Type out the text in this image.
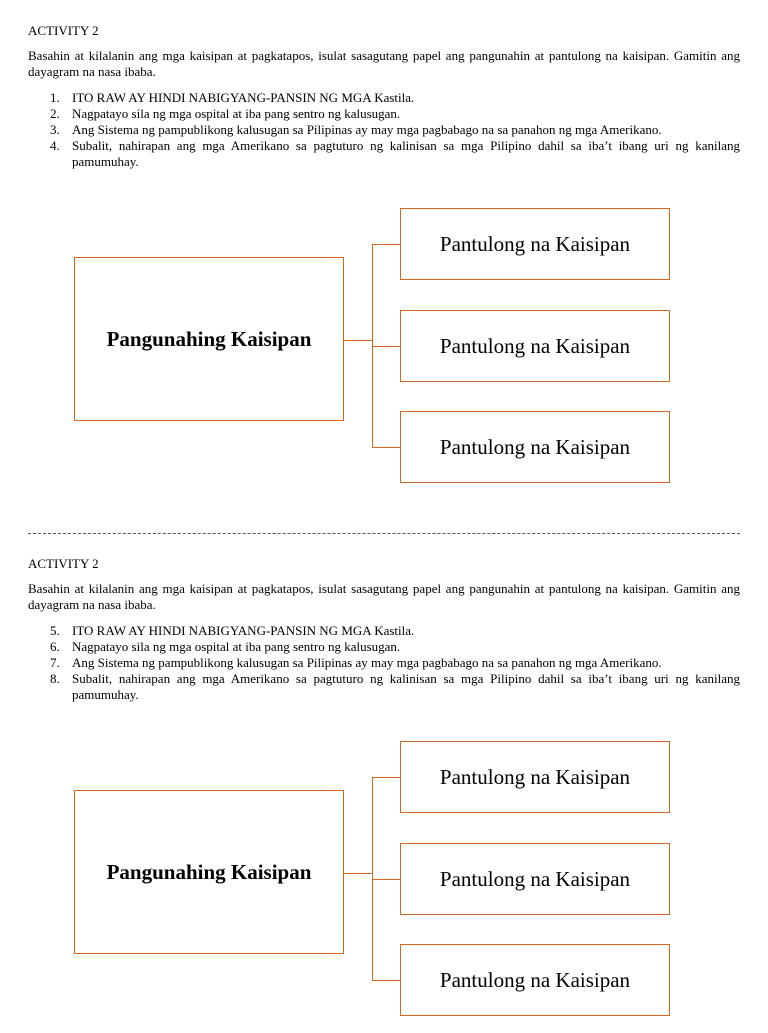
ACTIVITY 2

Basahin at kilalanin ang mga kaisipan at pagkatapos, isulat sasagutang papel ang pangunahin at pantulong na kaisipan. Gamitin ang dayagram na nasa ibaba.

1. ITO RAW AY HINDI NABIGYANG-PANSIN NG MGA Kastila.
2. Nagpatayo sila ng mga ospital at iba pang sentro ng kalusugan.
3. Ang Sistema ng pampublikong kalusugan sa Pilipinas ay may mga pagbabago na sa panahon ng mga Amerikano.
4. Subalit, nahirapan ang mga Amerikano sa pagtuturo ng kalinisan sa mga Pilipino dahil sa iba’t ibang uri ng kanilang pamumuhay.
Pangunahing Kaisipan
Pantulong na Kaisipan
Pantulong na Kaisipan
Pantulong na Kaisipan
ACTIVITY 2

Basahin at kilalanin ang mga kaisipan at pagkatapos, isulat sasagutang papel ang pangunahin at pantulong na kaisipan. Gamitin ang dayagram na nasa ibaba.

5. ITO RAW AY HINDI NABIGYANG-PANSIN NG MGA Kastila.
6. Nagpatayo sila ng mga ospital at iba pang sentro ng kalusugan.
7. Ang Sistema ng pampublikong kalusugan sa Pilipinas ay may mga pagbabago na sa panahon ng mga Amerikano.
8. Subalit, nahirapan ang mga Amerikano sa pagtuturo ng kalinisan sa mga Pilipino dahil sa iba’t ibang uri ng kanilang pamumuhay.
Pangunahing Kaisipan
Pantulong na Kaisipan
Pantulong na Kaisipan
Pantulong na Kaisipan
